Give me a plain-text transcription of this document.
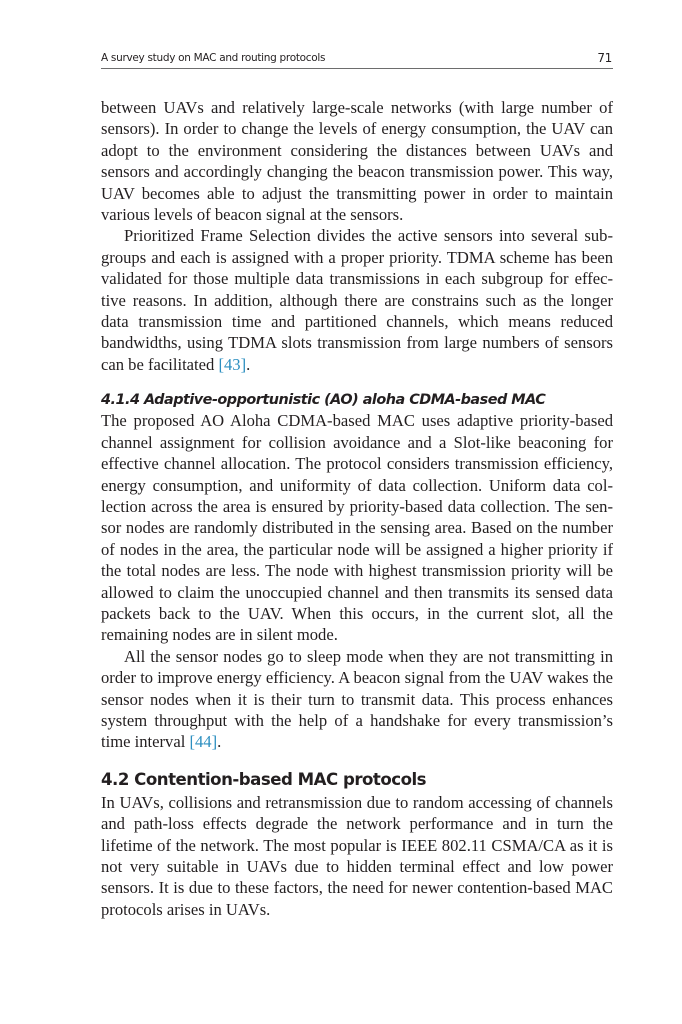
A survey study on MAC and routing protocols	71

between UAVs and relatively large-scale networks (with large number of sensors). In order to change the levels of energy consumption, the UAV can adopt to the environment considering the distances between UAVs and sensors and accordingly changing the beacon transmission power. This way, UAV becomes able to adjust the transmitting power in order to maintain various levels of beacon signal at the sensors.

Prioritized Frame Selection divides the active sensors into several subgroups and each is assigned with a proper priority. TDMA scheme has been validated for those multiple data transmissions in each subgroup for effective reasons. In addition, although there are constrains such as the longer data transmission time and partitioned channels, which means reduced bandwidths, using TDMA slots transmission from large numbers of sensors can be facilitated [43].

4.1.4 Adaptive-opportunistic (AO) aloha CDMA-based MAC

The proposed AO Aloha CDMA-based MAC uses adaptive priority-based channel assignment for collision avoidance and a Slot-like beaconing for effective channel allocation. The protocol considers transmission efficiency, energy consumption, and uniformity of data collection. Uniform data collection across the area is ensured by priority-based data collection. The sensor nodes are randomly distributed in the sensing area. Based on the number of nodes in the area, the particular node will be assigned a higher priority if the total nodes are less. The node with highest transmission priority will be allowed to claim the unoccupied channel and then transmits its sensed data packets back to the UAV. When this occurs, in the current slot, all the remaining nodes are in silent mode.

All the sensor nodes go to sleep mode when they are not transmitting in order to improve energy efficiency. A beacon signal from the UAV wakes the sensor nodes when it is their turn to transmit data. This process enhances system throughput with the help of a handshake for every transmission’s time interval [44].

4.2 Contention-based MAC protocols

In UAVs, collisions and retransmission due to random accessing of channels and path-loss effects degrade the network performance and in turn the lifetime of the network. The most popular is IEEE 802.11 CSMA/CA as it is not very suitable in UAVs due to hidden terminal effect and low power sensors. It is due to these factors, the need for newer contention-based MAC protocols arises in UAVs.
